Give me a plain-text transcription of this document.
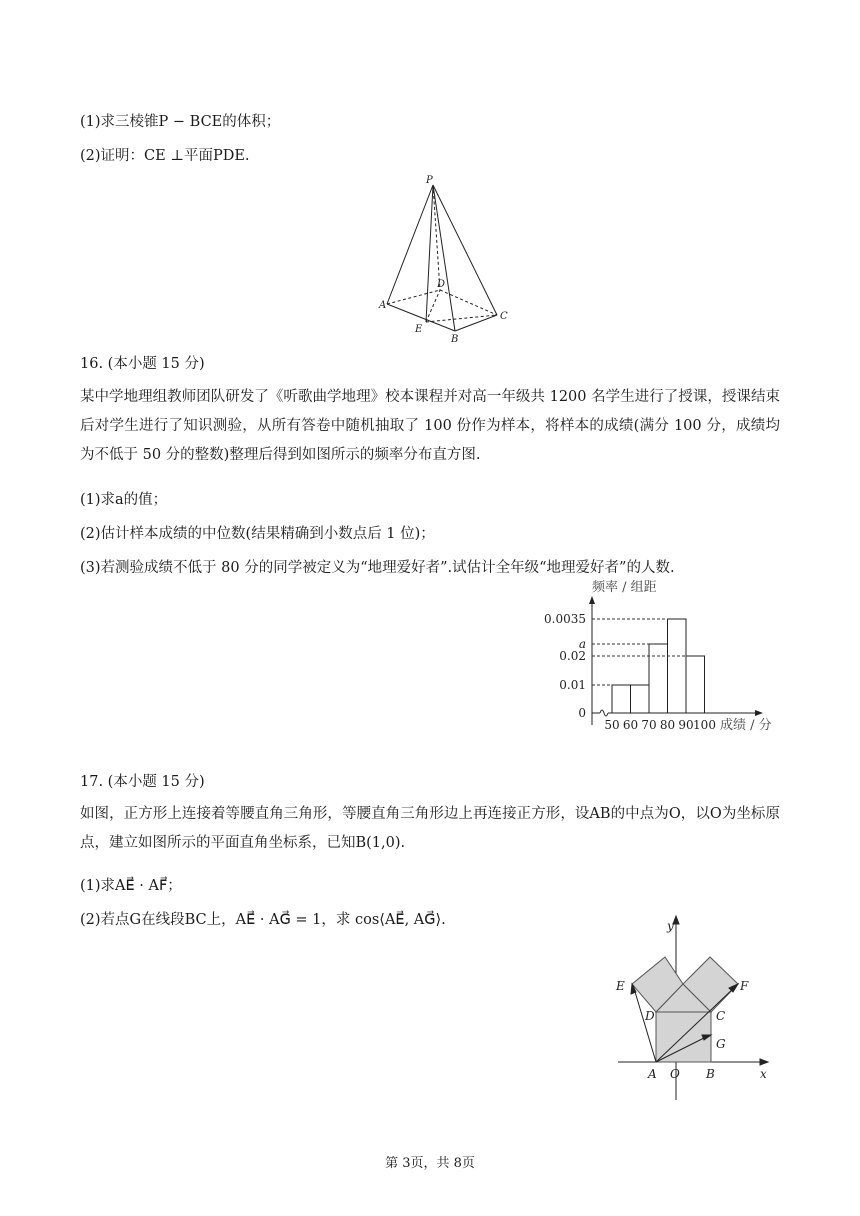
(1)求三棱锥P − BCE的体积；
(2)证明：CE ⊥平面PDE.
P
D
A
E
B
C
16. (本小题 15 分)
某中学地理组教师团队研发了《听歌曲学地理》校本课程并对高一年级共 1200 名学生进行了授课，授课结束后对学生进行了知识测验，从所有答卷中随机抽取了 100 份作为样本，将样本的成绩(满分 100 分，成绩均为不低于 50 分的整数)整理后得到如图所示的频率分布直方图.
(1)求a的值；
(2)估计样本成绩的中位数(结果精确到小数点后 1 位)；
(3)若测验成绩不低于 80 分的同学被定义为“地理爱好者”.试估计全年级“地理爱好者”的人数.
0.0035
a
0.02
0.01
0
50 60 70 80 90 100
频率 / 组距
成绩 / 分
17. (本小题 15 分)
如图，正方形上连接着等腰直角三角形，等腰直角三角形边上再连接正方形，设AB的中点为O，以O为坐标原点，建立如图所示的平面直角坐标系，已知B(1,0).
(1)求AE⃗ · AF⃗；
(2)若点G在线段BC上，AE⃗ · AG⃗ = 1，求 cos⟨AE⃗, AG⃗⟩.	y
x
E	F
D	C
G
A O B
第 3页，共 8页
